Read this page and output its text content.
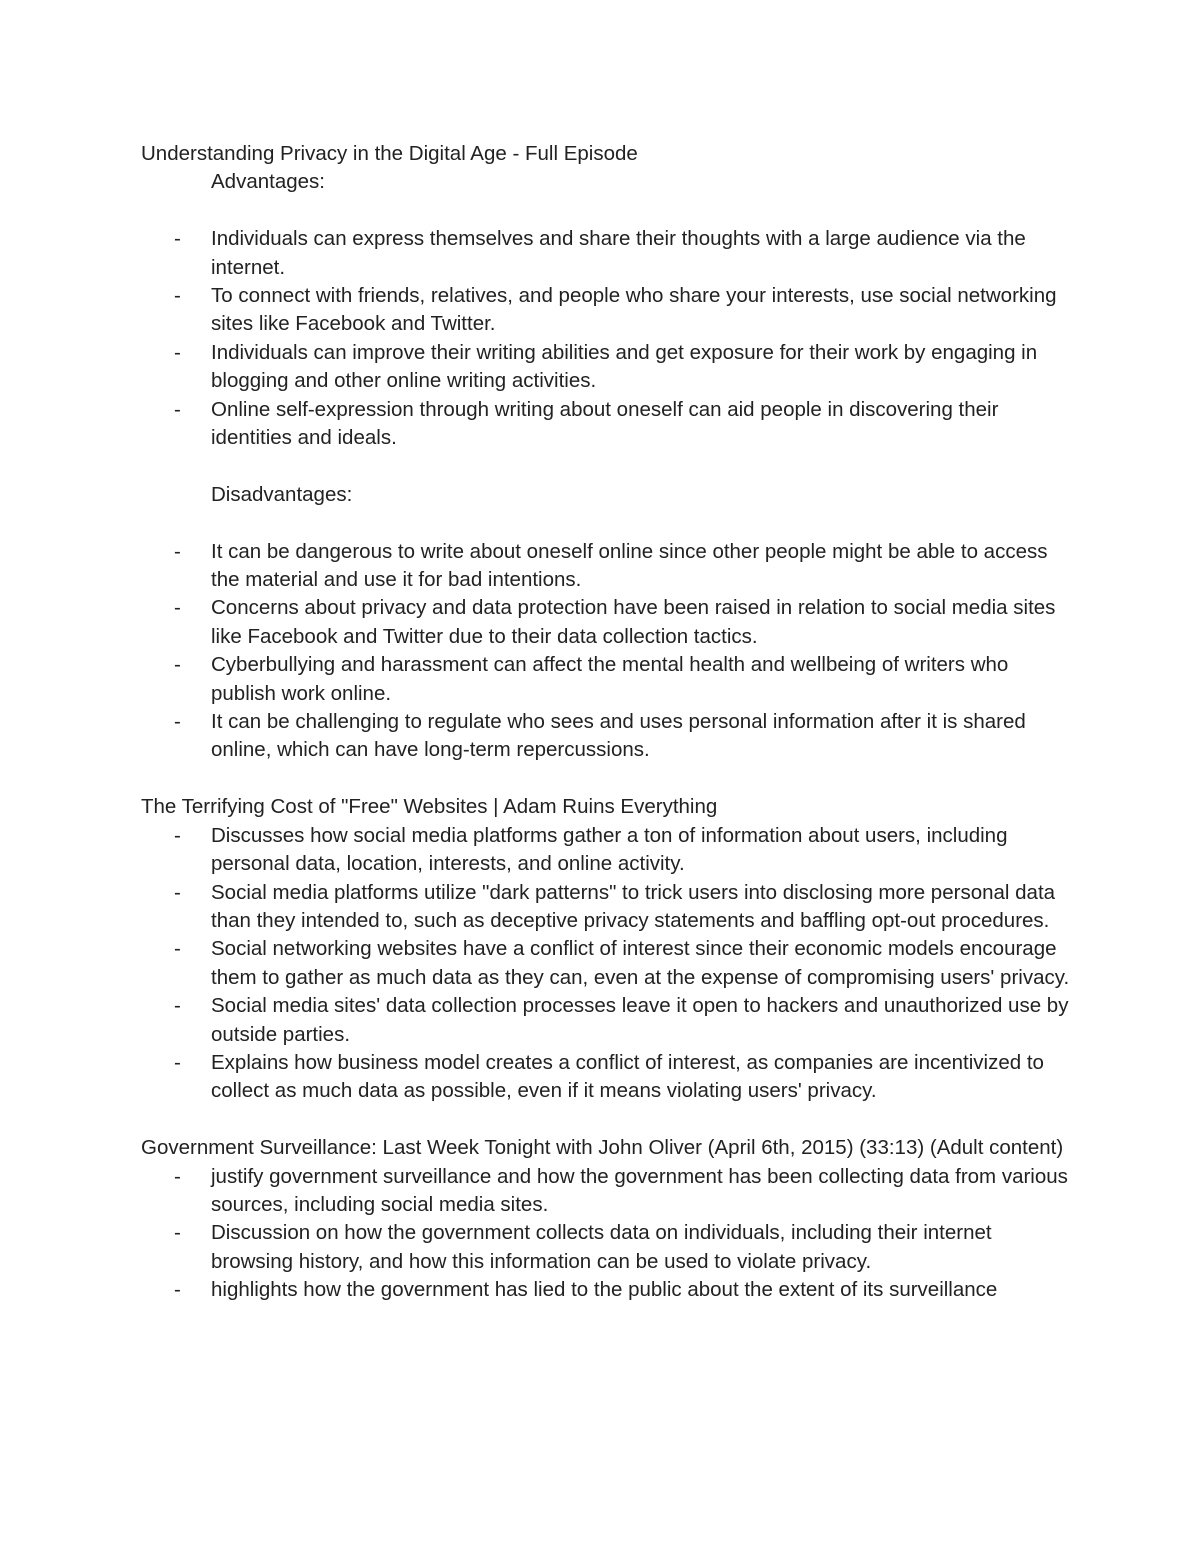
Understanding Privacy in the Digital Age - Full Episode

Advantages:

- Individuals can express themselves and share their thoughts with a large audience via the internet.
- To connect with friends, relatives, and people who share your interests, use social networking sites like Facebook and Twitter.
- Individuals can improve their writing abilities and get exposure for their work by engaging in blogging and other online writing activities.
- Online self-expression through writing about oneself can aid people in discovering their identities and ideals.

Disadvantages:

- It can be dangerous to write about oneself online since other people might be able to access the material and use it for bad intentions.
- Concerns about privacy and data protection have been raised in relation to social media sites like Facebook and Twitter due to their data collection tactics.
- Cyberbullying and harassment can affect the mental health and wellbeing of writers who publish work online.
- It can be challenging to regulate who sees and uses personal information after it is shared online, which can have long-term repercussions.

The Terrifying Cost of "Free" Websites | Adam Ruins Everything

- Discusses how social media platforms gather a ton of information about users, including personal data, location, interests, and online activity.
- Social media platforms utilize "dark patterns" to trick users into disclosing more personal data than they intended to, such as deceptive privacy statements and baffling opt-out procedures.
- Social networking websites have a conflict of interest since their economic models encourage them to gather as much data as they can, even at the expense of compromising users' privacy.
- Social media sites' data collection processes leave it open to hackers and unauthorized use by outside parties.
- Explains how business model creates a conflict of interest, as companies are incentivized to collect as much data as possible, even if it means violating users' privacy.

Government Surveillance: Last Week Tonight with John Oliver (April 6th, 2015) (33:13) (Adult content)

- justify government surveillance and how the government has been collecting data from various sources, including social media sites.
- Discussion on how the government collects data on individuals, including their internet browsing history, and how this information can be used to violate privacy.
- highlights how the government has lied to the public about the extent of its surveillance
